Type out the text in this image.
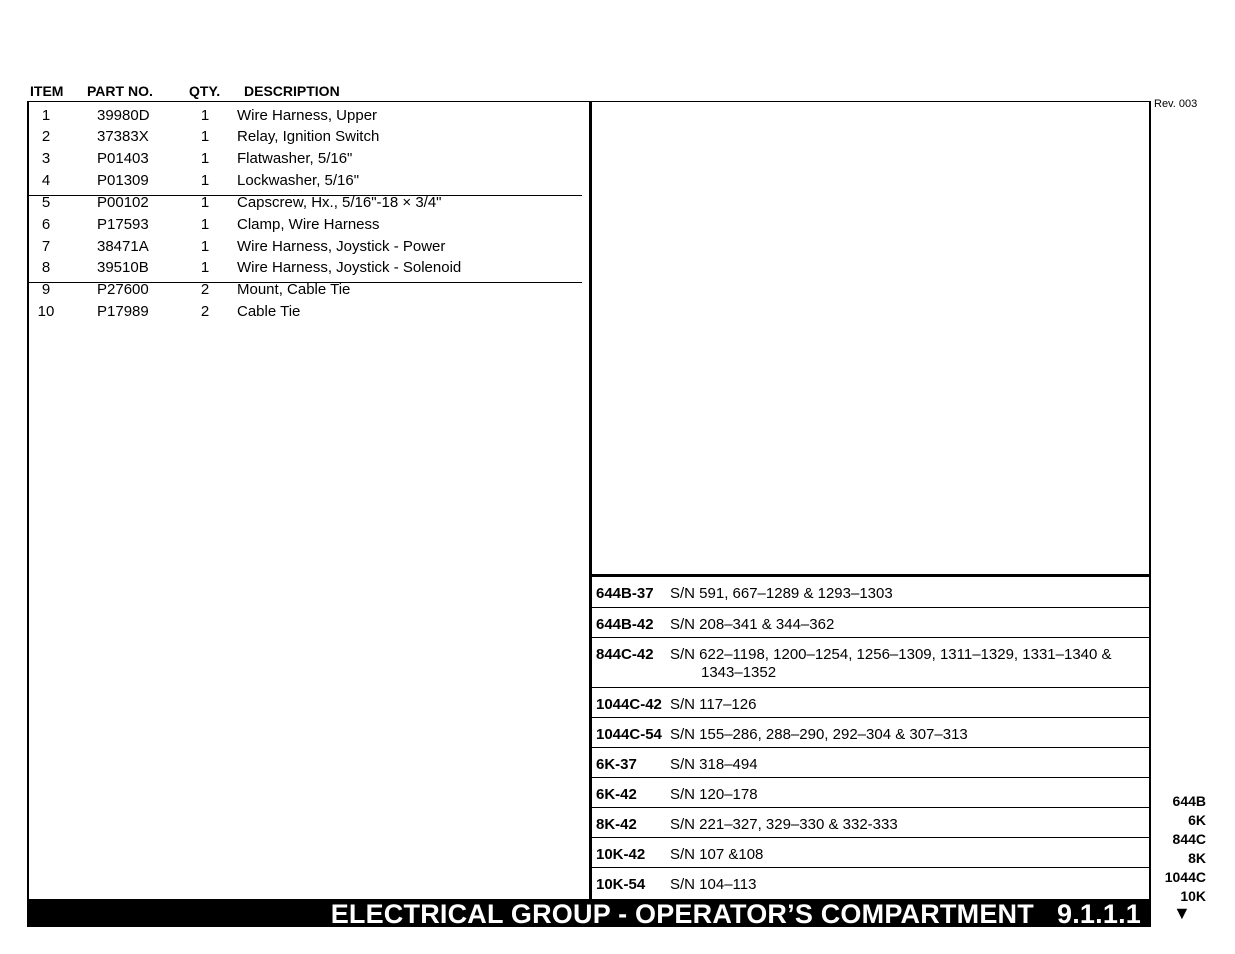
ITEM PART NO.	QTY. DESCRIPTION
1	39980D	1 Wire Harness, Upper
2	37383X	1 Relay, Ignition Switch
3	P01403	1 Flatwasher, 5/16"
4	P01309	1 Lockwasher, 5/16"
5	P00102	1 Capscrew, Hx., 5/16"-18 × 3/4"
6	P17593	1 Clamp, Wire Harness
7	38471A	1 Wire Harness, Joystick - Power
8	39510B	1 Wire Harness, Joystick - Solenoid
9	P27600	2 Mount, Cable Tie
10	P17989	2 Cable Tie
Rev. 003
644B-37 S/N 591, 667–1289 & 1293–1303
644B-42 S/N 208–341 & 344–362
844C-42 S/N 622–1198, 1200–1254, 1256–1309, 1311–1329, 1331–1340 &
1343–1352
1044C-42 S/N 117–126
1044C-54 S/N 155–286, 288–290, 292–304 & 307–313
6K-37 S/N 318–494
6K-42 S/N 120–178
8K-42 S/N 221–327, 329–330 & 332-333
10K-42 S/N 107 &108
10K-54 S/N 104–113
644B
6K
844C
8K
1044C
10K
ELECTRICAL GROUP - OPERATOR’S COMPARTMENT   9.1.1.1 ▼
